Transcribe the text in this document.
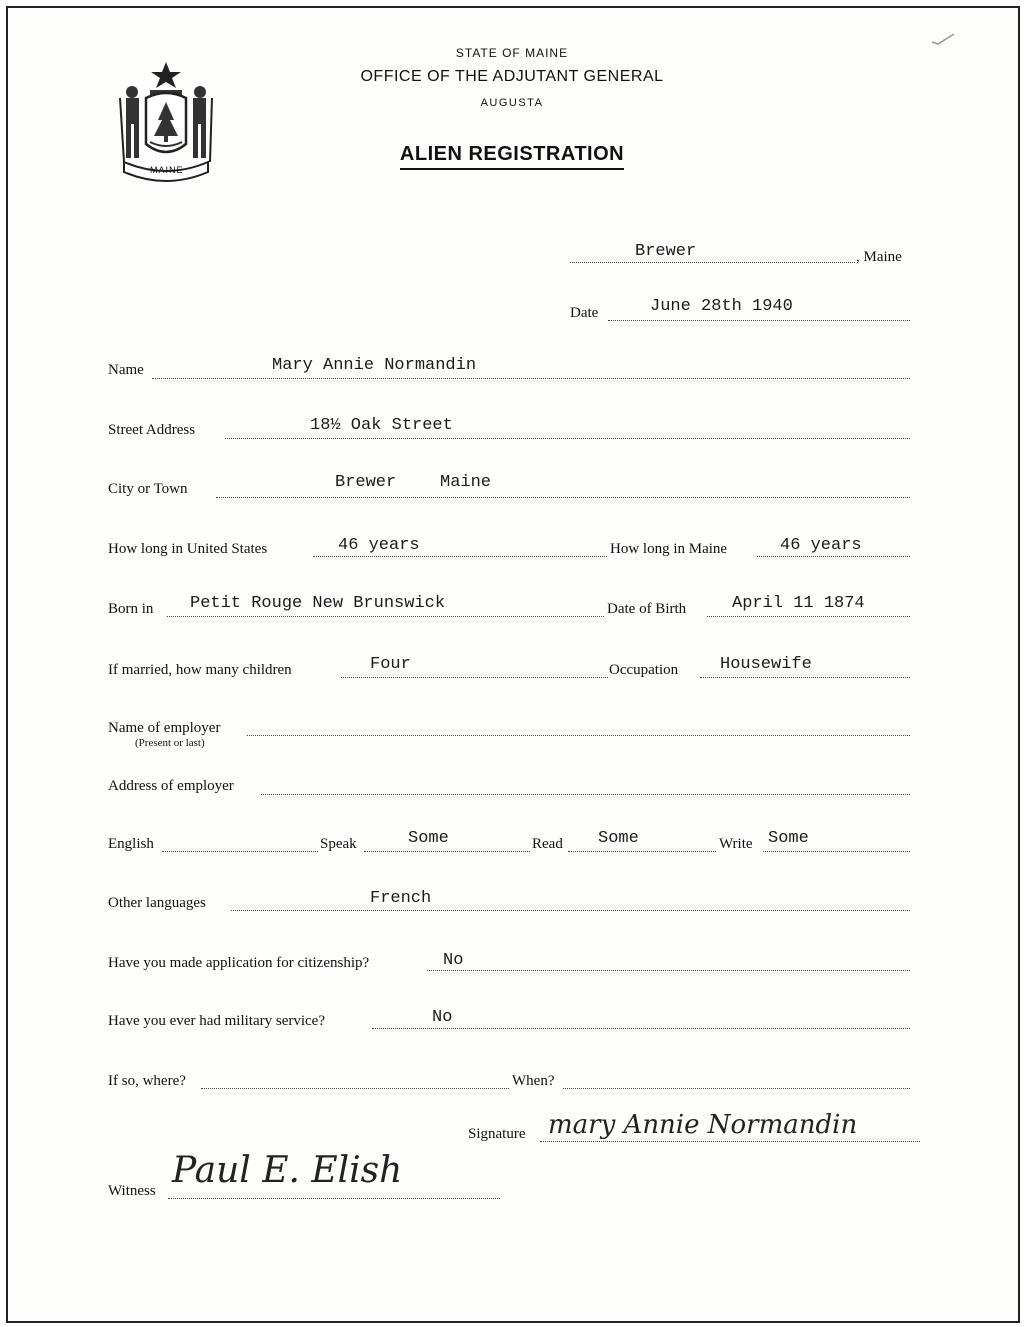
MAINE
STATE OF MAINE
OFFICE OF THE ADJUTANT GENERAL
AUGUSTA
ALIEN REGISTRATION
Brewer	, Maine
Date	June 28th 1940
Name	Mary Annie Normandin
Street Address	18½ Oak Street
City or Town	Brewer	Maine
How long in United States	46 years	How long in Maine	46 years
Born in Petit Rouge New Brunswick	Date of Birth	April 11 1874
If married, how many children	Four	Occupation Housewife
Name of employer
(Present or last)
Address of employer
English	Speak	Some	Read Some	Write Some
Other languages	French
Have you made application for citizenship?	No
Have you ever had military service?	No
If so, where?	When?
Signature mary Annie Normandin
Witness Paul E. Elish
